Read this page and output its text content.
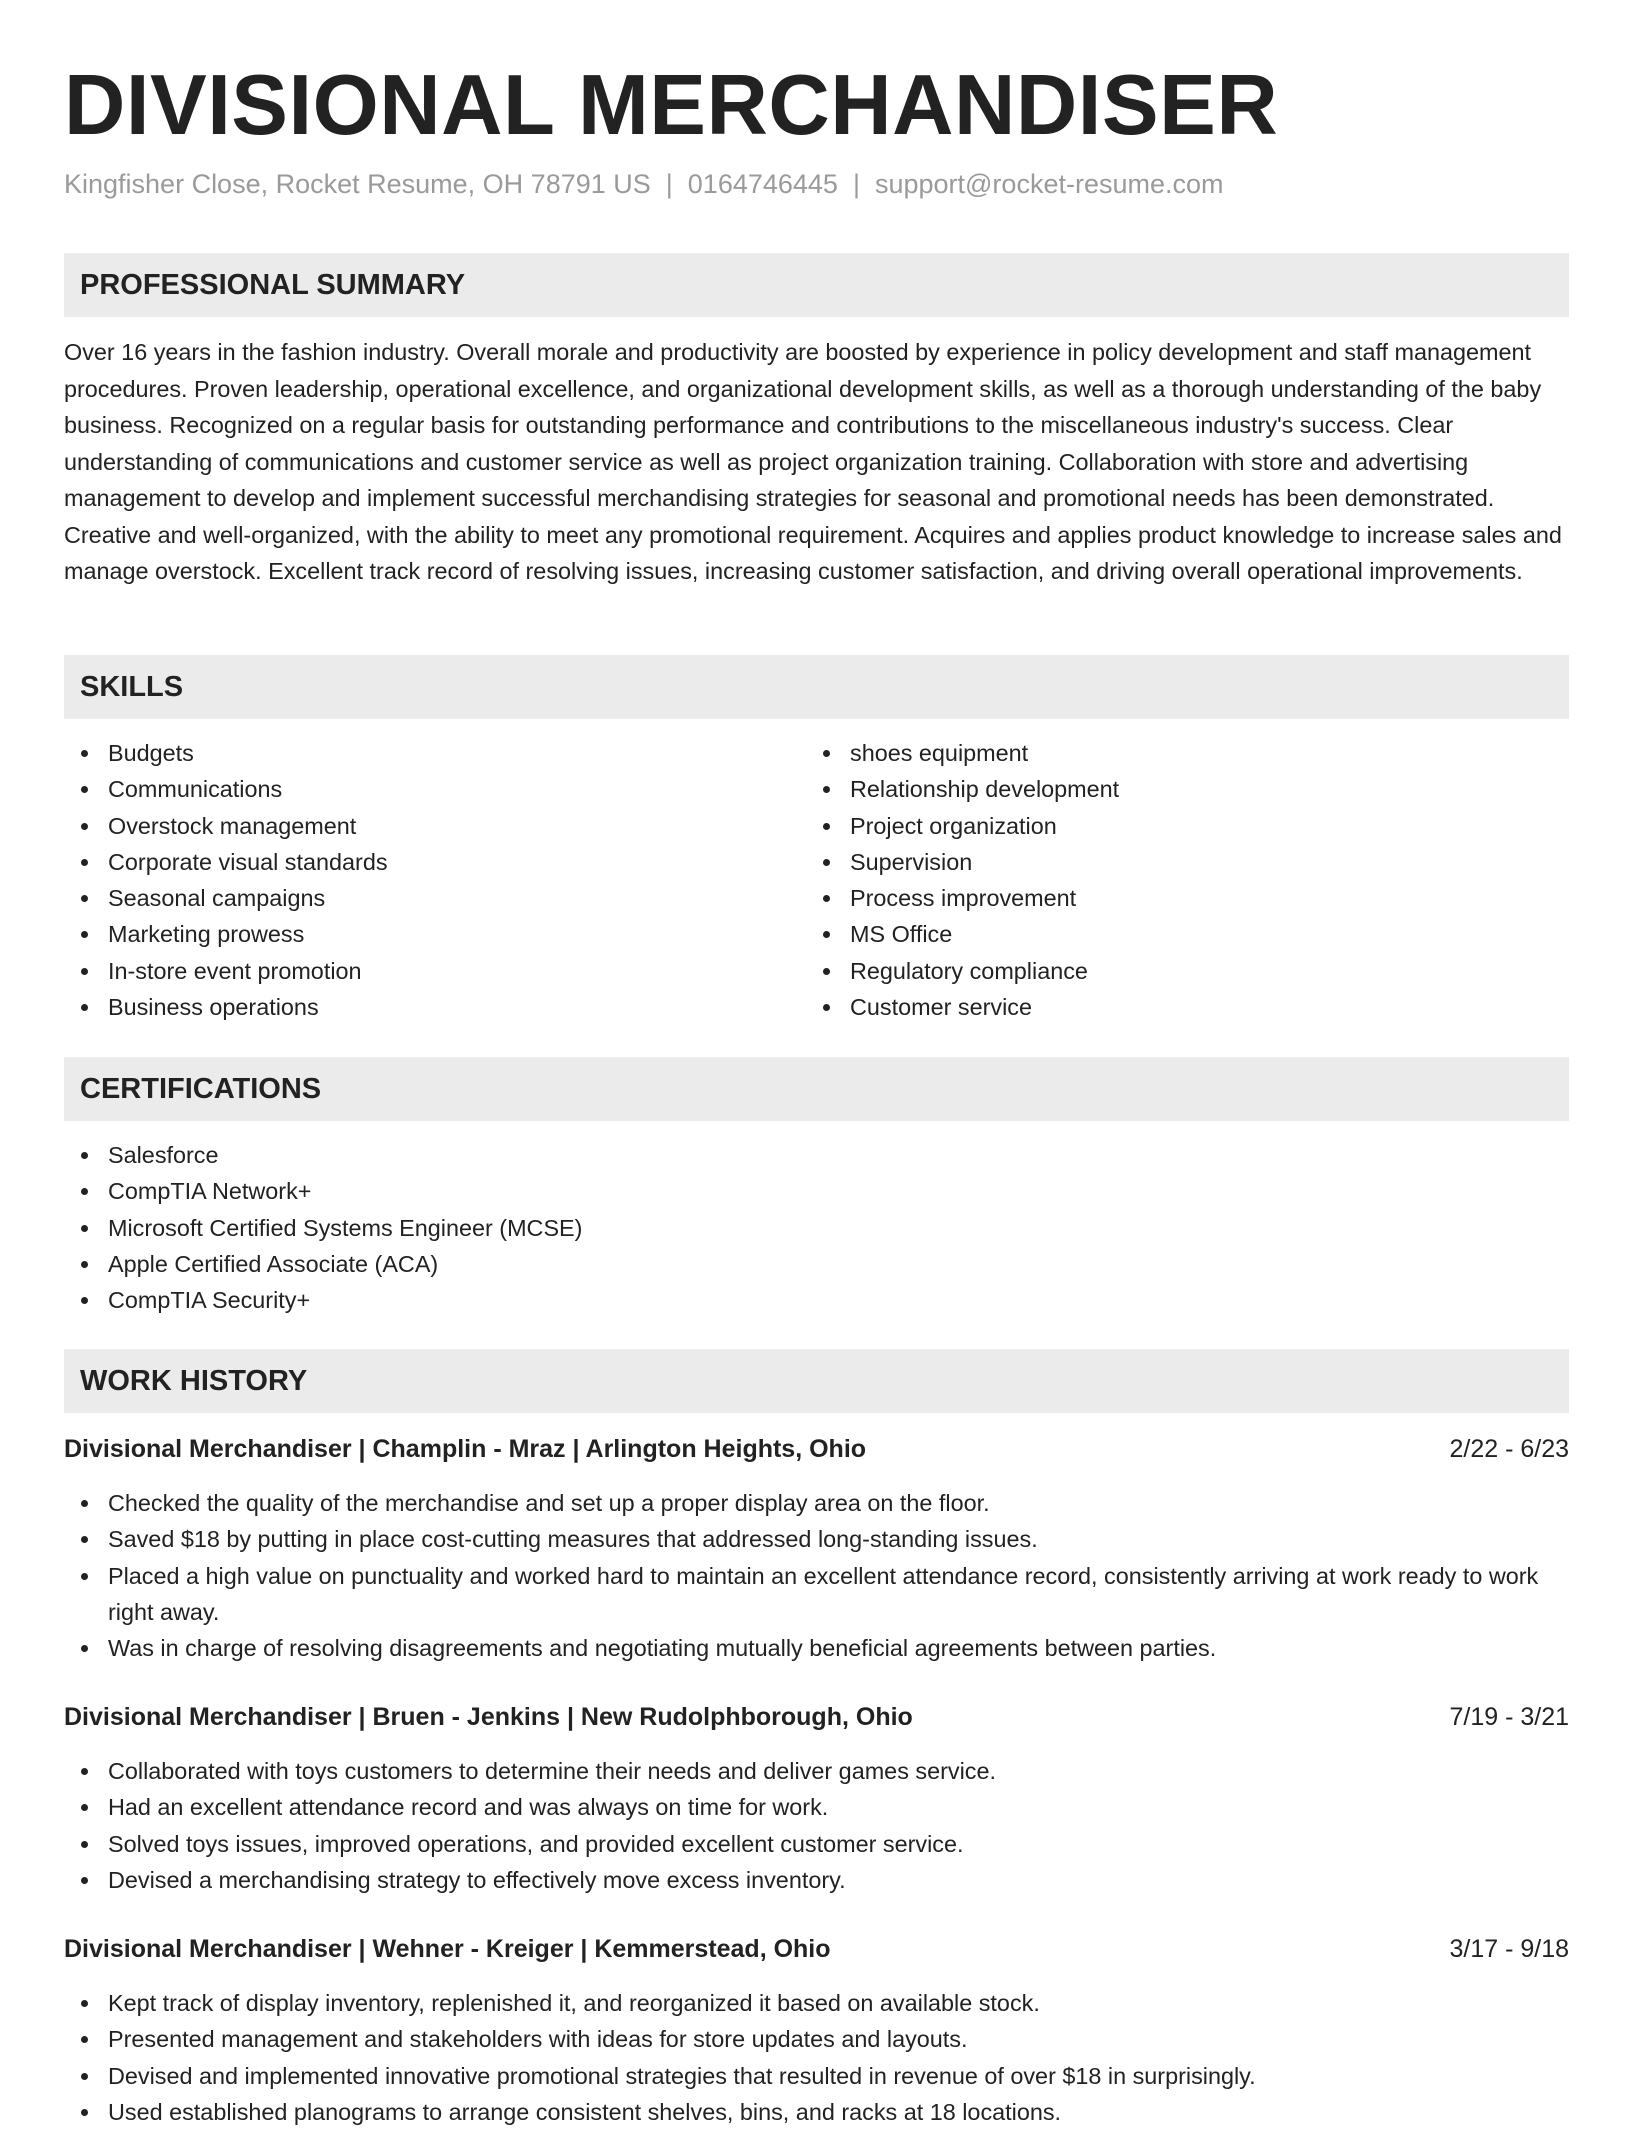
DIVISIONAL MERCHANDISER
Kingfisher Close, Rocket Resume, OH 78791 US | 0164746445 | support@rocket-resume.com
PROFESSIONAL SUMMARY

Over 16 years in the fashion industry. Overall morale and productivity are boosted by experience in policy development and staff management procedures. Proven leadership, operational excellence, and organizational development skills, as well as a thorough understanding of the baby business. Recognized on a regular basis for outstanding performance and contributions to the miscellaneous industry's success. Clear understanding of communications and customer service as well as project organization training. Collaboration with store and advertising management to develop and implement successful merchandising strategies for seasonal and promotional needs has been demonstrated. Creative and well-organized, with the ability to meet any promotional requirement. Acquires and applies product knowledge to increase sales and manage overstock. Excellent track record of resolving issues, increasing customer satisfaction, and driving overall operational improvements.

SKILLS
Budgets
Communications
Overstock management
Corporate visual standards
Seasonal campaigns
Marketing prowess
In-store event promotion
Business operations
shoes equipment
Relationship development
Project organization
Supervision
Process improvement
MS Office
Regulatory compliance
Customer service
CERTIFICATIONS
Salesforce
CompTIA Network+
Microsoft Certified Systems Engineer (MCSE)
Apple Certified Associate (ACA)
CompTIA Security+
WORK HISTORY
Divisional Merchandiser | Champlin - Mraz | Arlington Heights, Ohio	2/22 - 6/23
Checked the quality of the merchandise and set up a proper display area on the floor.
Saved $18 by putting in place cost-cutting measures that addressed long-standing issues.
Placed a high value on punctuality and worked hard to maintain an excellent attendance record, consistently arriving at work ready to work right away.
Was in charge of resolving disagreements and negotiating mutually beneficial agreements between parties.
Divisional Merchandiser | Bruen - Jenkins | New Rudolphborough, Ohio	7/19 - 3/21
Collaborated with toys customers to determine their needs and deliver games service.
Had an excellent attendance record and was always on time for work.
Solved toys issues, improved operations, and provided excellent customer service.
Devised a merchandising strategy to effectively move excess inventory.
Divisional Merchandiser | Wehner - Kreiger | Kemmerstead, Ohio	3/17 - 9/18
Kept track of display inventory, replenished it, and reorganized it based on available stock.
Presented management and stakeholders with ideas for store updates and layouts.
Devised and implemented innovative promotional strategies that resulted in revenue of over $18 in surprisingly.
Used established planograms to arrange consistent shelves, bins, and racks at 18 locations.
